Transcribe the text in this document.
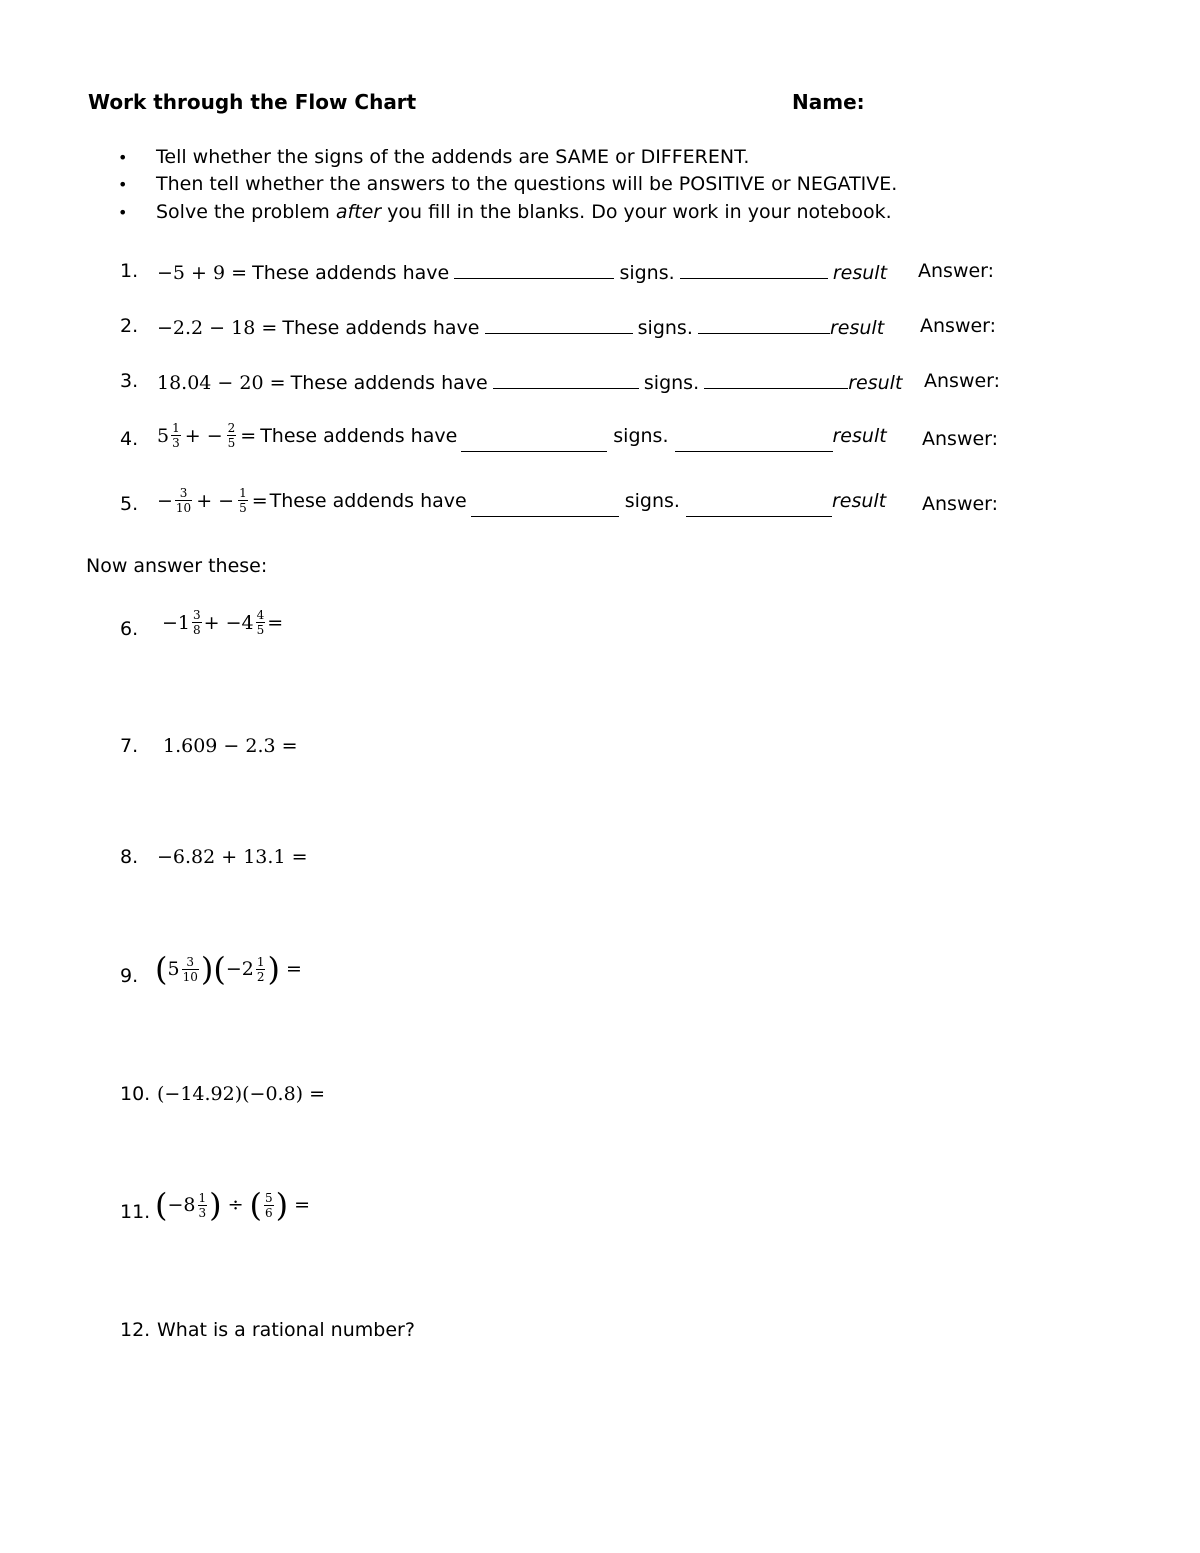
Work through the Flow Chart	Name:
• Tell whether the signs of the addends are SAME or DIFFERENT.
• Then tell whether the answers to the questions will be POSITIVE or NEGATIVE.
• Solve the problem after you fill in the blanks. Do your work in your notebook.
1. −5 + 9 = These addends have	signs.	result Answer:
2. −2.2 − 18 = These addends have	signs.	result Answer:
3. 18.04 − 20 = These addends have	signs.	result Answer:
4. $5 \frac{1}{3}$ + − $\frac{2}{5}$ = These addends have	signs.	result Answer:
5. − $\frac{3}{10}$ + − $\frac{1}{5}$ = These addends have	signs.	result Answer:
Now answer these:
6. $-1 \frac{3}{8} + -4 \frac{4}{5}$ =
7. 1.609 − 2.3 =
8. −6.82 + 13.1 =
9. ( $5 \frac{3}{10}$ ) ( $-2 \frac{1}{2}$ ) =
10. (−14.92)(−0.8) =
11. ( $-8 \frac{1}{3}$ ) ÷ ( $\frac{5}{6}$ ) =
12. What is a rational number?
